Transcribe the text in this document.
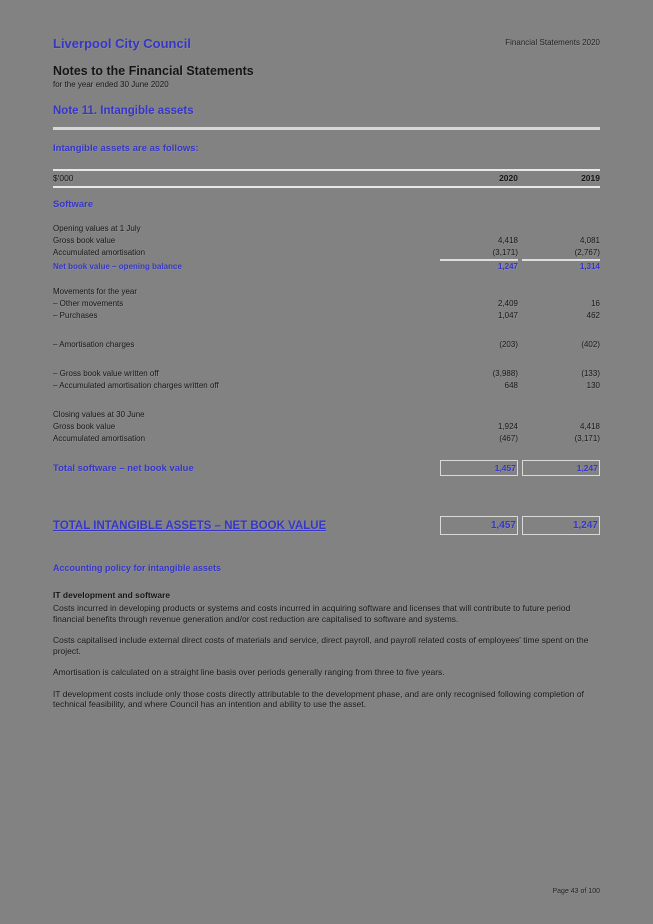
Liverpool City Council	Financial Statements 2020
Notes to the Financial Statements
for the year ended 30 June 2020
Note 11. Intangible assets
Intangible assets are as follows:
$'000	2020	2019
Software
Opening values at 1 July
Gross book value	4,418	4,081
Accumulated amortisation	(3,171)	(2,767)
Net book value – opening balance	1,247	1,314
Movements for the year
– Other movements	2,409	16
– Purchases	1,047	462
– Amortisation charges	(203)	(402)
– Gross book value written off	(3,988)	(133)
– Accumulated amortisation charges written off	648	130
Closing values at 30 June
Gross book value	1,924	4,418
Accumulated amortisation	(467)	(3,171)
Total software – net book value	1,457	1,247
TOTAL INTANGIBLE ASSETS – NET BOOK VALUE	1,457	1,247
Accounting policy for intangible assets
IT development and software

Costs incurred in developing products or systems and costs incurred in acquiring software and licenses that will contribute to future period financial benefits through revenue generation and/or cost reduction are capitalised to software and systems.

Costs capitalised include external direct costs of materials and service, direct payroll, and payroll related costs of employees' time spent on the project.

Amortisation is calculated on a straight line basis over periods generally ranging from three to five years.

IT development costs include only those costs directly attributable to the development phase, and are only recognised following completion of technical feasibility, and where Council has an intention and ability to use the asset.

Page 43 of 100
